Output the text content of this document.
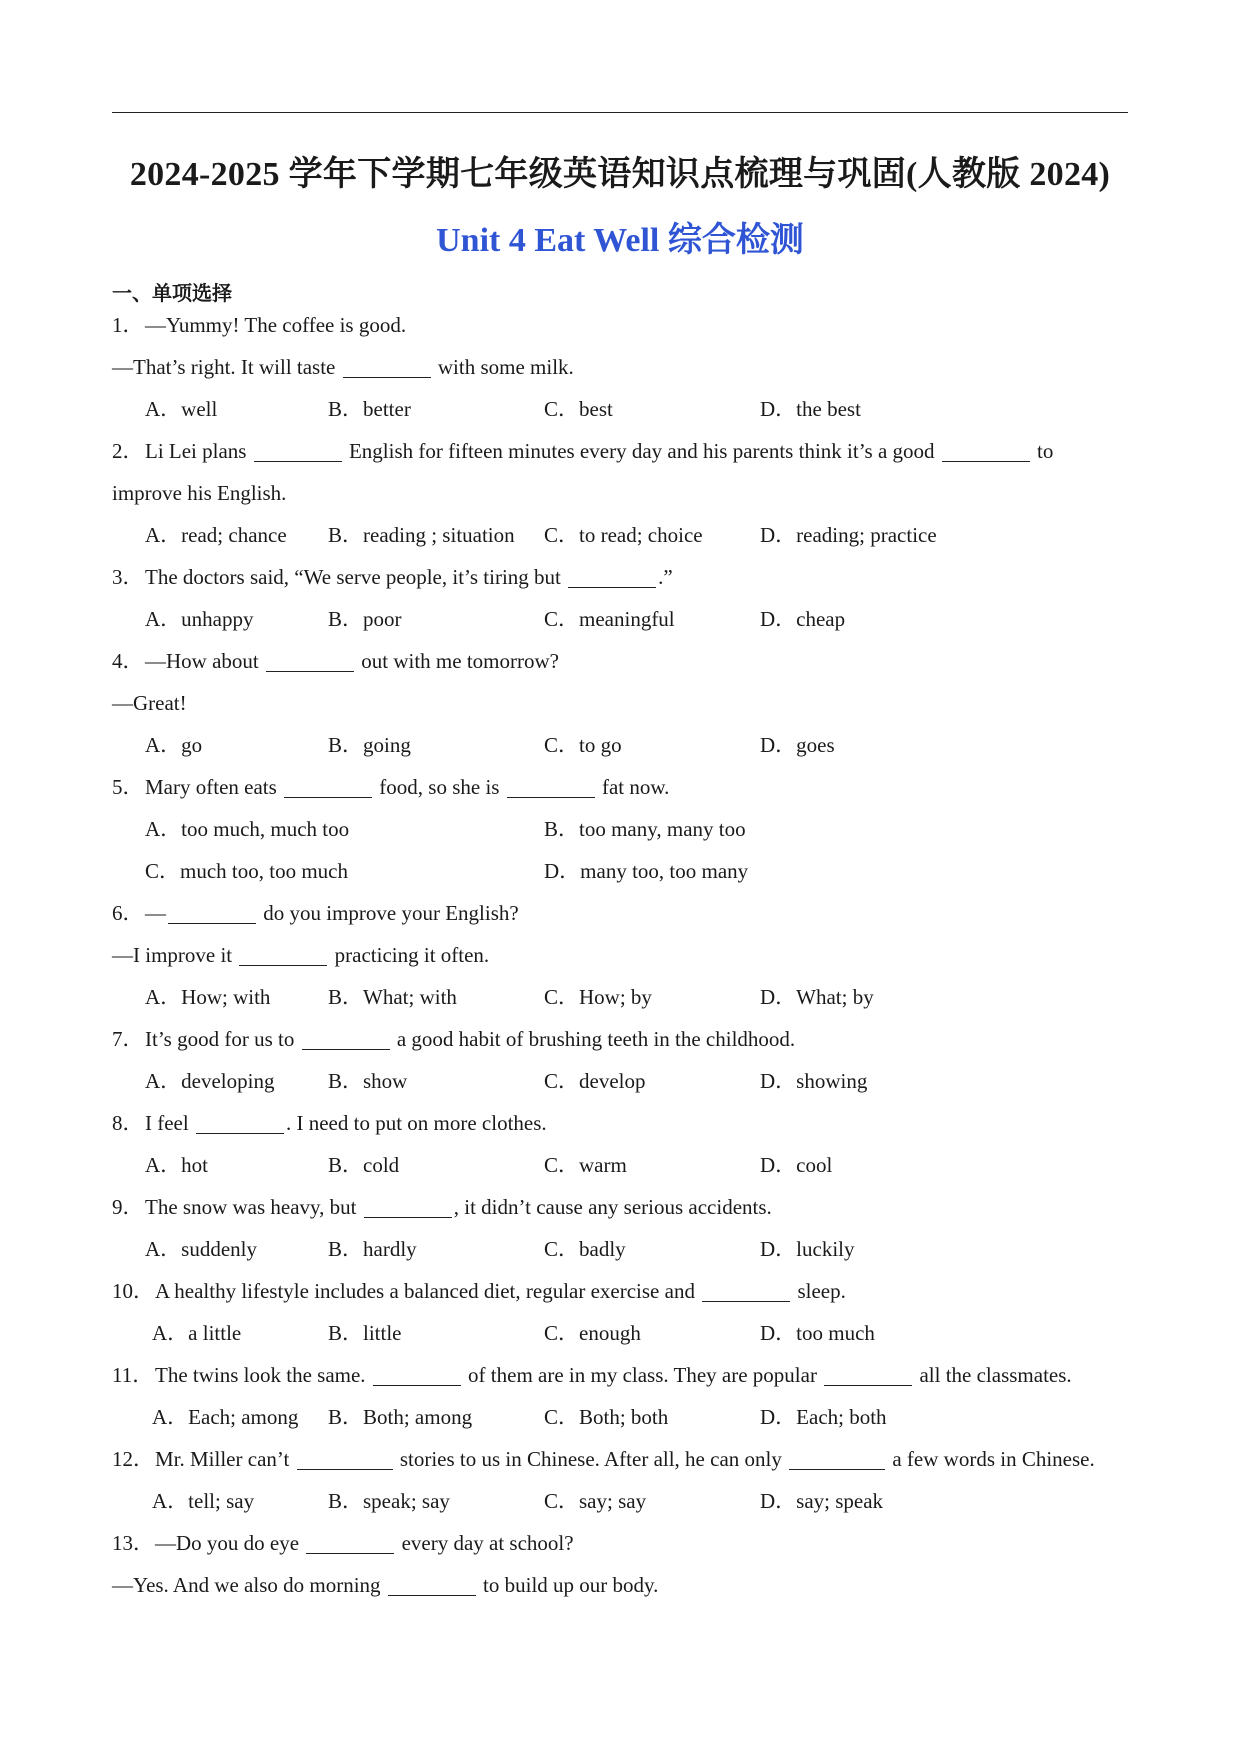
2024-2025 学年下学期七年级英语知识点梳理与巩固(人教版 2024)
Unit 4 Eat Well 综合检测
一、单项选择
1．—Yummy! The coffee is good.
—That’s right. It will taste	with some milk.
A．well	B．better	C．best	D．the best
2．Li Lei plans	English for fifteen minutes every day and his parents think it’s a good	to
improve his English.
A．read; chance B．reading ; situation C．to read; choice	D．reading; practice
3．The doctors said, “We serve people, it’s tiring but	.”
A．unhappy	B．poor	C．meaningful	D．cheap
4．—How about	out with me tomorrow?
—Great!
A．go	B．going	C．to go	D．goes
5．Mary often eats	food, so she is	fat now.
A．too much, much too	B．too many, many too
C．much too, too much	D．many too, too many
6．—	do you improve your English?
—I improve it	practicing it often.
A．How; with	B．What; with	C．How; by	D．What; by
7．It’s good for us to	a good habit of brushing teeth in the childhood.
A．developing	B．show	C．develop	D．showing
8．I feel	. I need to put on more clothes.
A．hot	B．cold	C．warm	D．cool
9．The snow was heavy, but	, it didn’t cause any serious accidents.
A．suddenly	B．hardly	C．badly	D．luckily
10．A healthy lifestyle includes a balanced diet, regular exercise and	sleep.
A．a little	B．little	C．enough	D．too much
11．The twins look the same.	of them are in my class. They are popular	all the classmates.
A．Each; among B．Both; among	C．Both; both	D．Each; both
12．Mr. Miller can’t	stories to us in Chinese. After all, he can only	a few words in Chinese.
A．tell; say	B．speak; say	C．say; say	D．say; speak
13．—Do you do eye	every day at school?
—Yes. And we also do morning	to build up our body.
